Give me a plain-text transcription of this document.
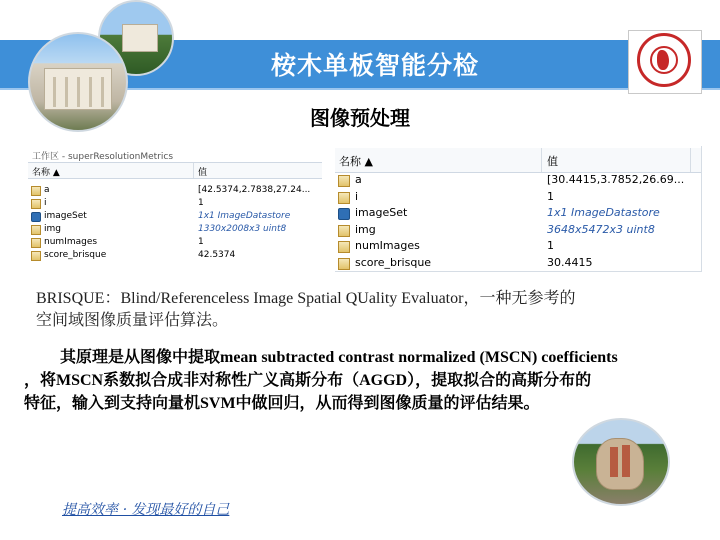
桉木单板智能分检
图像预处理
工作区 - superResolutionMetrics
名称 ▲	值
a	[42.5374,2.7838,27.24...
i	1
imageSet	1x1 ImageDatastore
img	1330x2008x3 uint8
numImages	1
score_brisque	42.5374
名称 ▲	值
a	[30.4415,3.7852,26.69...
i	1
imageSet	1x1 ImageDatastore
img	3648x5472x3 uint8
numImages	1
score_brisque	30.4415
BRISQUE：Blind/Referenceless Image Spatial QUality Evaluator，一种无参考的
空间域图像质量评估算法。
其原理是从图像中提取mean subtracted contrast normalized (MSCN) coefficients
，将MSCN系数拟合成非对称性广义高斯分布（AGGD），提取拟合的高斯分布的
特征，输入到支持向量机SVM中做回归，从而得到图像质量的评估结果。
提高效率 · 发现最好的自己
